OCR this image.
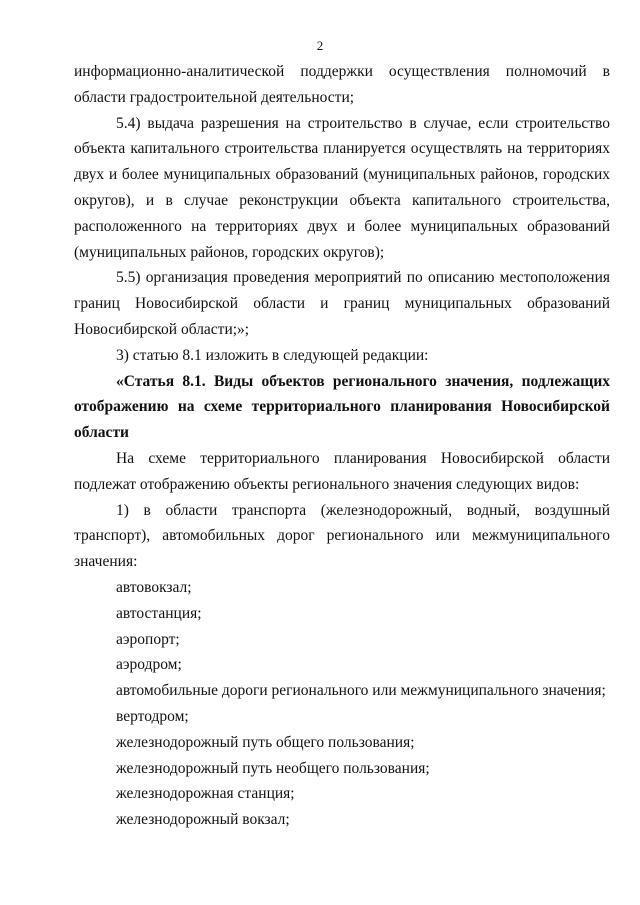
2

информационно-аналитической поддержки осуществления полномочий в области градостроительной деятельности;

5.4) выдача разрешения на строительство в случае, если строительство объекта капитального строительства планируется осуществлять на территориях двух и более муниципальных образований (муниципальных районов, городских округов), и в случае реконструкции объекта капитального строительства, расположенного на территориях двух и более муниципальных образований (муниципальных районов, городских округов);

5.5) организация проведения мероприятий по описанию местоположения границ Новосибирской области и границ муниципальных образований Новосибирской области;»;

3) статью 8.1 изложить в следующей редакции:

«Статья 8.1. Виды объектов регионального значения, подлежащих отображению на схеме территориального планирования Новосибирской области

На схеме территориального планирования Новосибирской области подлежат отображению объекты регионального значения следующих видов:

1) в области транспорта (железнодорожный, водный, воздушный транспорт), автомобильных дорог регионального или межмуниципального значения:

автовокзал;

автостанция;

аэропорт;

аэродром;

автомобильные дороги регионального или межмуниципального значения;

вертодром;

железнодорожный путь общего пользования;

железнодорожный путь необщего пользования;

железнодорожная станция;

железнодорожный вокзал;
